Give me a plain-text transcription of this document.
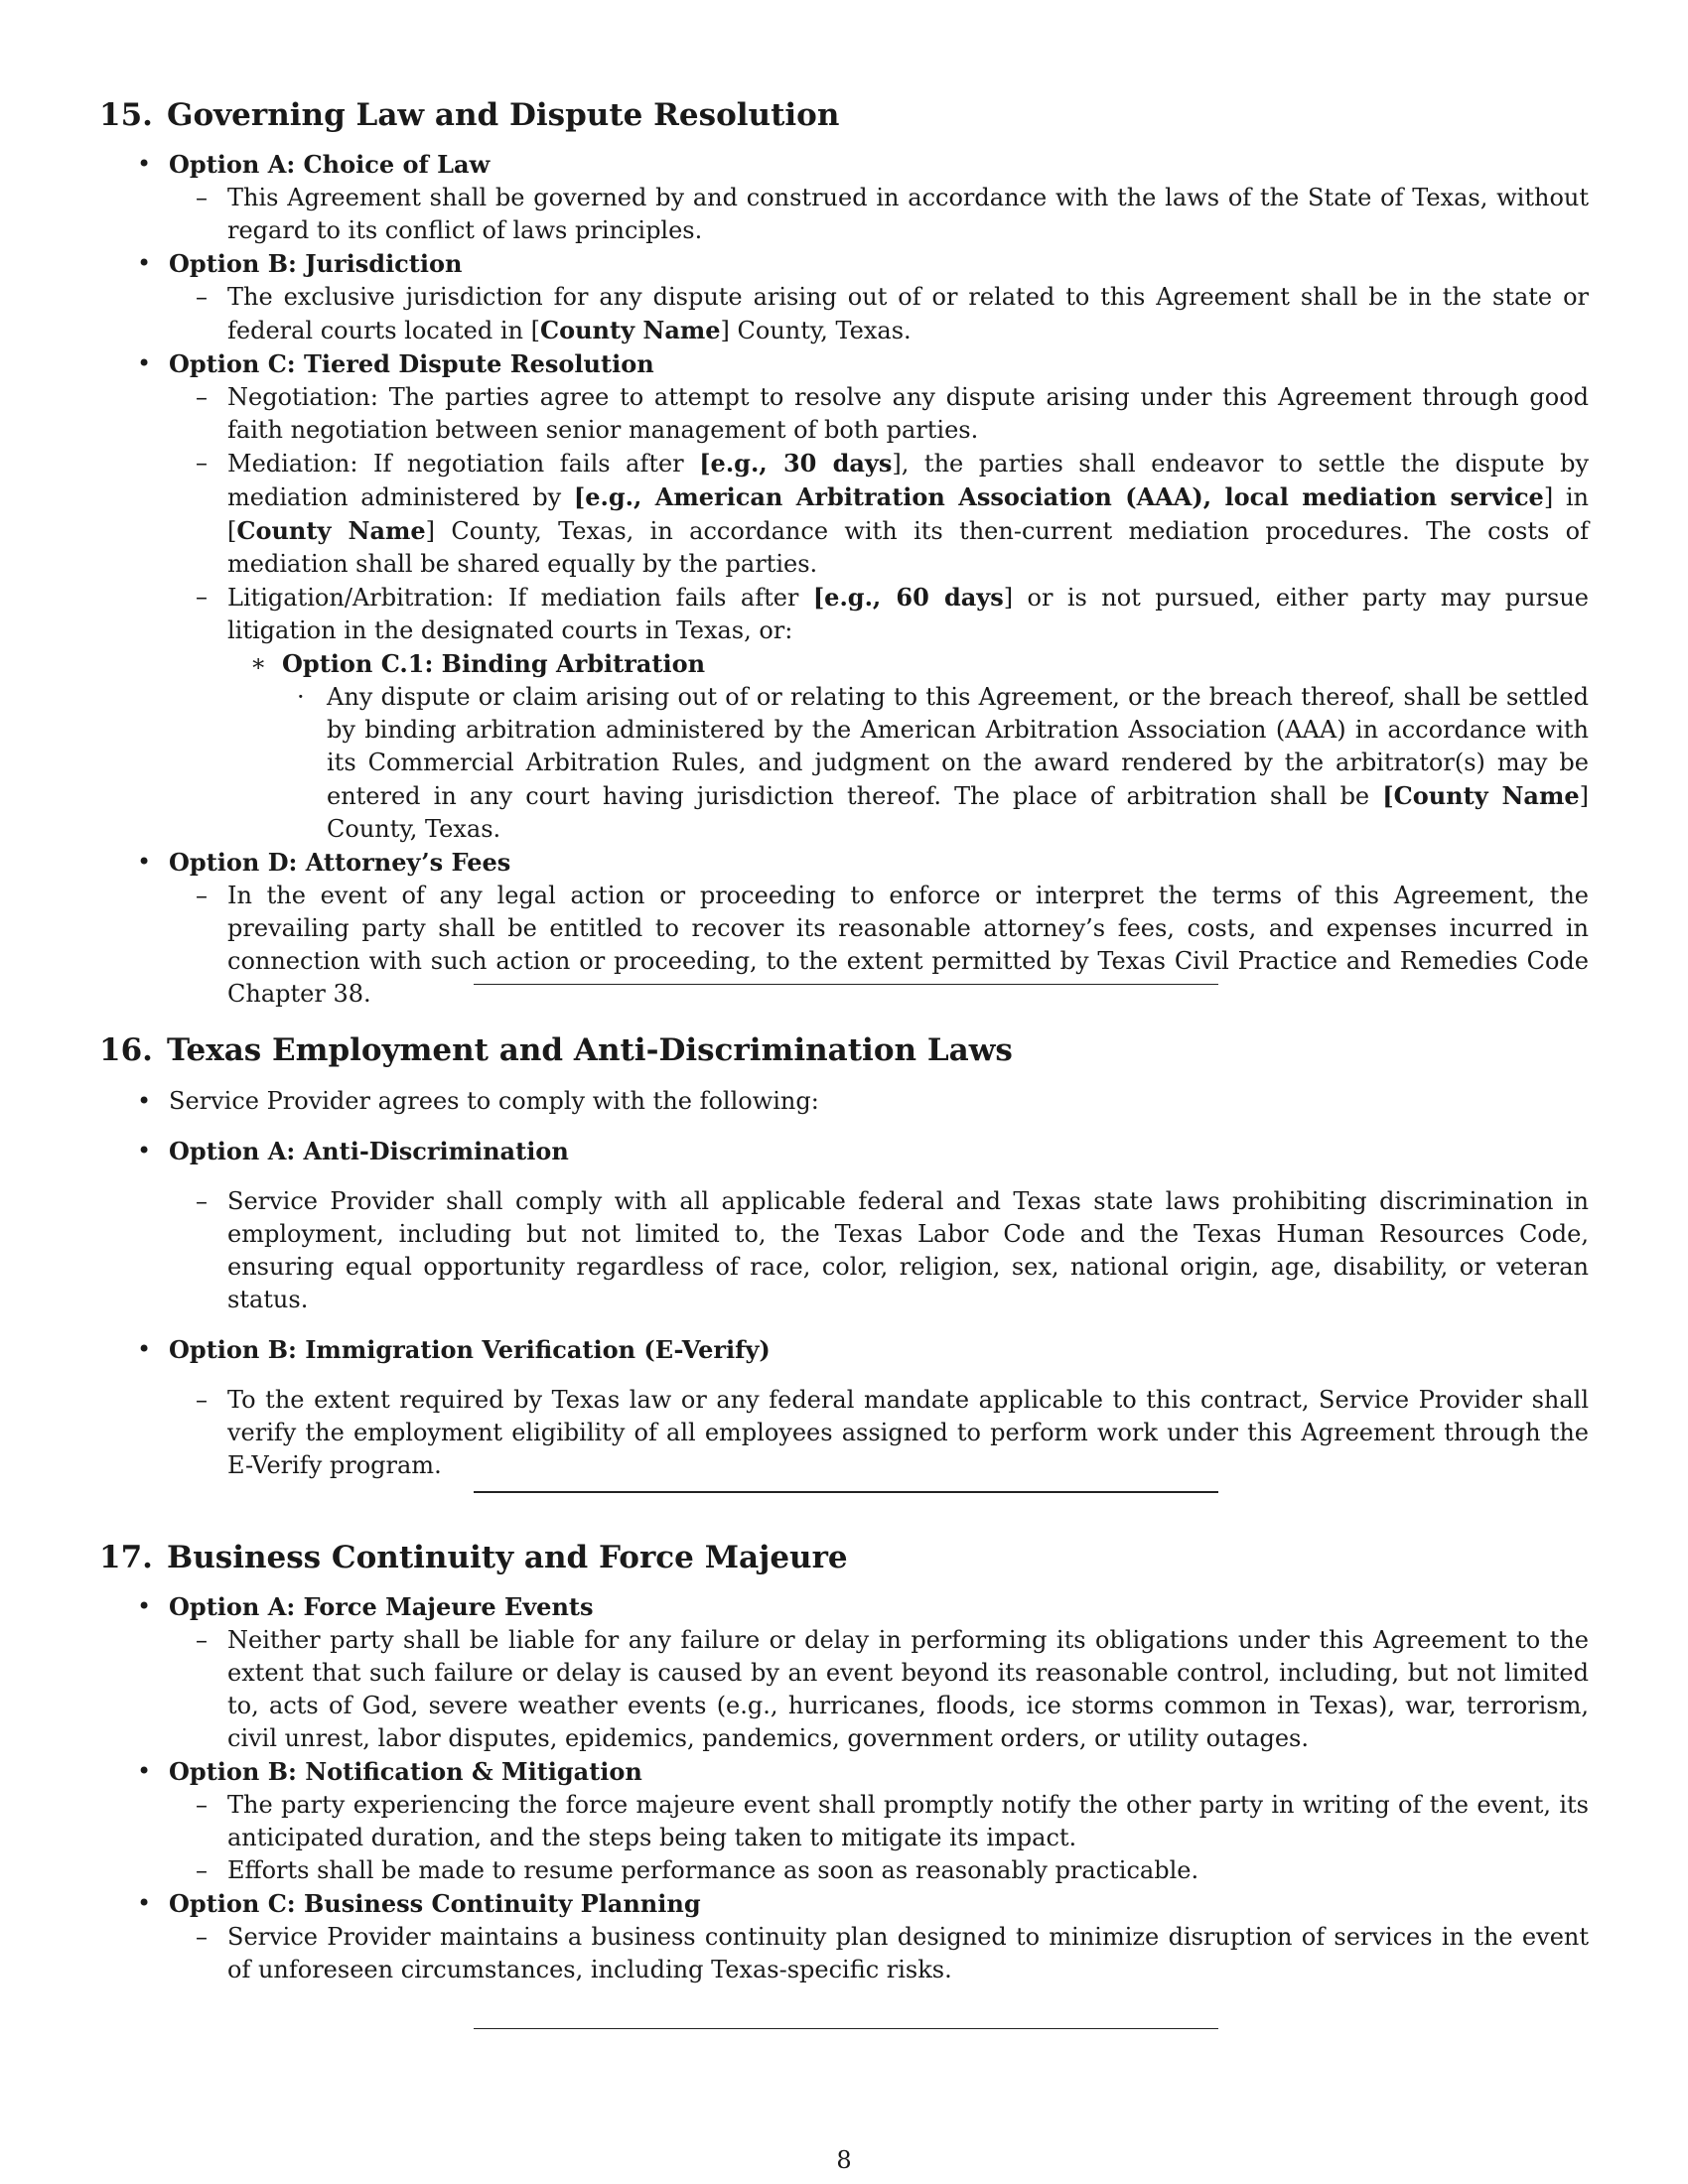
15. Governing Law and Dispute Resolution

• Option A: Choice of Law

– This Agreement shall be governed by and construed in accordance with the laws of the State of Texas, without regard to its conflict of laws principles.

• Option B: Jurisdiction

– The exclusive jurisdiction for any dispute arising out of or related to this Agreement shall be in the state or federal courts located in [County Name] County, Texas.

• Option C: Tiered Dispute Resolution

– Negotiation: The parties agree to attempt to resolve any dispute arising under this Agreement through good faith negotiation between senior management of both parties.

– Mediation: If negotiation fails after [e.g., 30 days], the parties shall endeavor to settle the dispute by mediation administered by [e.g., American Arbitration Association (AAA), local mediation service] in [County Name] County, Texas, in accordance with its then-current mediation procedures. The costs of mediation shall be shared equally by the parties.

– Litigation/Arbitration: If mediation fails after [e.g., 60 days] or is not pursued, either party may pursue litigation in the designated courts in Texas, or:

∗ Option C.1: Binding Arbitration

· Any dispute or claim arising out of or relating to this Agreement, or the breach thereof, shall be settled by binding arbitration administered by the American Arbitration Association (AAA) in accordance with its Commercial Arbitration Rules, and judgment on the award rendered by the arbitrator(s) may be entered in any court having jurisdiction thereof. The place of arbitration shall be [County Name] County, Texas.

• Option D: Attorney’s Fees

– In the event of any legal action or proceeding to enforce or interpret the terms of this Agreement, the prevailing party shall be entitled to recover its reasonable attorney’s fees, costs, and expenses incurred in connection with such action or proceeding, to the extent permitted by Texas Civil Practice and Remedies Code Chapter 38.

16. Texas Employment and Anti-Discrimination Laws

• Service Provider agrees to comply with the following:

• Option A: Anti-Discrimination

– Service Provider shall comply with all applicable federal and Texas state laws prohibiting discrimination in employment, including but not limited to, the Texas Labor Code and the Texas Human Resources Code, ensuring equal opportunity regardless of race, color, religion, sex, national origin, age, disability, or veteran status.

• Option B: Immigration Verification (E-Verify)

– To the extent required by Texas law or any federal mandate applicable to this contract, Service Provider shall verify the employment eligibility of all employees assigned to perform work under this Agreement through the E-Verify program.

17. Business Continuity and Force Majeure

• Option A: Force Majeure Events

– Neither party shall be liable for any failure or delay in performing its obligations under this Agreement to the extent that such failure or delay is caused by an event beyond its reasonable control, including, but not limited to, acts of God, severe weather events (e.g., hurricanes, floods, ice storms common in Texas), war, terrorism, civil unrest, labor disputes, epidemics, pandemics, government orders, or utility outages.

• Option B: Notification & Mitigation

– The party experiencing the force majeure event shall promptly notify the other party in writing of the event, its anticipated duration, and the steps being taken to mitigate its impact.

– Efforts shall be made to resume performance as soon as reasonably practicable.

• Option C: Business Continuity Planning

– Service Provider maintains a business continuity plan designed to minimize disruption of services in the event of unforeseen circumstances, including Texas-specific risks.

8
